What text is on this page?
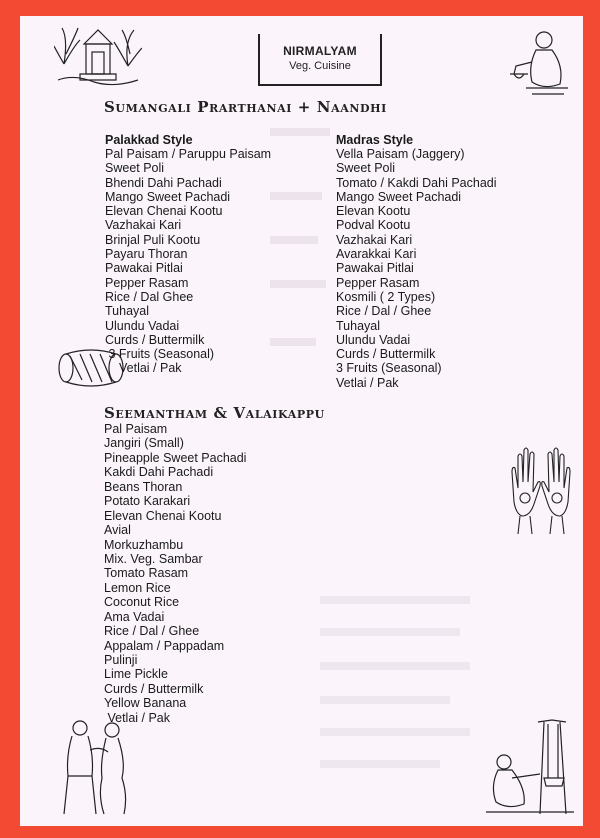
NIRMALYAM
Veg. Cuisine
Sumangali Prarthanai + Naandhi
Palakkad Style
Pal Paisam / Paruppu Paisam
Sweet Poli
Bhendi Dahi Pachadi
Mango Sweet Pachadi
Elevan Chenai Kootu
Vazhakai Kari
Brinjal Puli Kootu
Payaru Thoran
Pawakai Pitlai
Pepper Rasam
Rice / Dal Ghee
Tuhayal
Ulundu Vadai
Curds / Buttermilk
3 Fruits (Seasonal)
Vetlai / Pak
Madras Style
Vella Paisam (Jaggery)
Sweet Poli
Tomato / Kakdi Dahi Pachadi
Mango Sweet Pachadi
Elevan Kootu
Podval Kootu
Vazhakai Kari
Avarakkai Kari
Pawakai Pitlai
Pepper Rasam
Kosmili ( 2 Types)
Rice / Dal / Ghee
Tuhayal
Ulundu Vadai
Curds / Buttermilk
3 Fruits (Seasonal)
Vetlai / Pak
Seemantham & Valaikappu
Pal Paisam
Jangiri (Small)
Pineapple Sweet Pachadi
Kakdi Dahi Pachadi
Beans Thoran
Potato Karakari
Elevan Chenai Kootu
Avial
Morkuzhambu
Mix. Veg. Sambar
Tomato Rasam
Lemon Rice
Coconut Rice
Ama Vadai
Rice / Dal / Ghee
Appalam / Pappadam
Pulinji
Lime Pickle
Curds / Buttermilk
Yellow Banana
Vetlai / Pak
